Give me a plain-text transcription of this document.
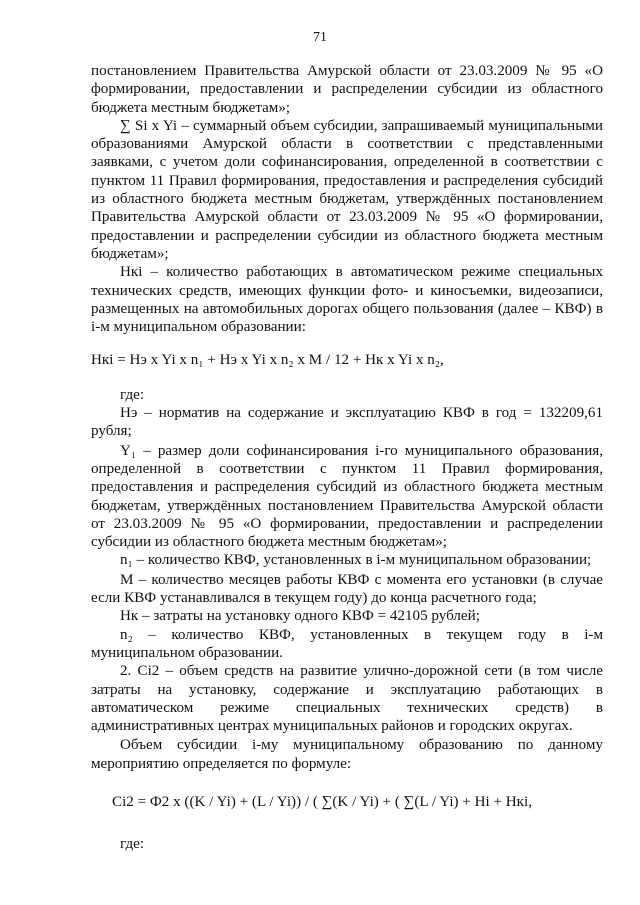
71

постановлением Правительства Амурской области от 23.03.2009 № 95 «О формировании, предоставлении и распределении субсидии из областного бюджета местным бюджетам»;

∑ Si x Yi – суммарный объем субсидии, запрашиваемый муниципальными образованиями Амурской области в соответствии с представленными заявками, с учетом доли софинансирования, определенной в соответствии с пунктом 11 Правил формирования, предоставления и распределения субсидий из областного бюджета местным бюджетам, утверждённых постановлением Правительства Амурской области от 23.03.2009 № 95 «О формировании, предоставлении и распределении субсидии из областного бюджета местным бюджетам»;

Нкi – количество работающих в автоматическом режиме специальных технических средств, имеющих функции фото- и киносъемки, видеозаписи, размещенных на автомобильных дорогах общего пользования (далее – КВФ) в i-м муниципальном образовании:

Нкi = Нэ x Yi x n₁ + Нэ x Yi x n₂ x M / 12 + Нк x Yi x n₂,

где:

Нэ – норматив на содержание и эксплуатацию КВФ в год = 132209,61 рубля;

Y₁ – размер доли софинансирования i-го муниципального образования, определенной в соответствии с пунктом 11 Правил формирования, предоставления и распределения субсидий из областного бюджета местным бюджетам, утверждённых постановлением Правительства Амурской области от 23.03.2009 № 95 «О формировании, предоставлении и распределении субсидии из областного бюджета местным бюджетам»;

n₁ – количество КВФ, установленных в i-м муниципальном образовании;

M – количество месяцев работы КВФ с момента его установки (в случае если КВФ устанавливался в текущем году) до конца расчетного года;

Нк – затраты на установку одного КВФ = 42105 рублей;

n₂ – количество КВФ, установленных в текущем году в i-м муниципальном образовании.

2. Сi2 – объем средств на развитие улично-дорожной сети (в том числе затраты на установку, содержание и эксплуатацию работающих в автоматическом режиме специальных технических средств) в административных центрах муниципальных районов и городских округах.

Объем субсидии i-му муниципальному образованию по данному мероприятию определяется по формуле:

Сi2 = Ф2 x ((K / Yi) + (L / Yi)) / ( ∑(K / Yi) + ( ∑(L / Yi) + Нi + Нкi,

где:
